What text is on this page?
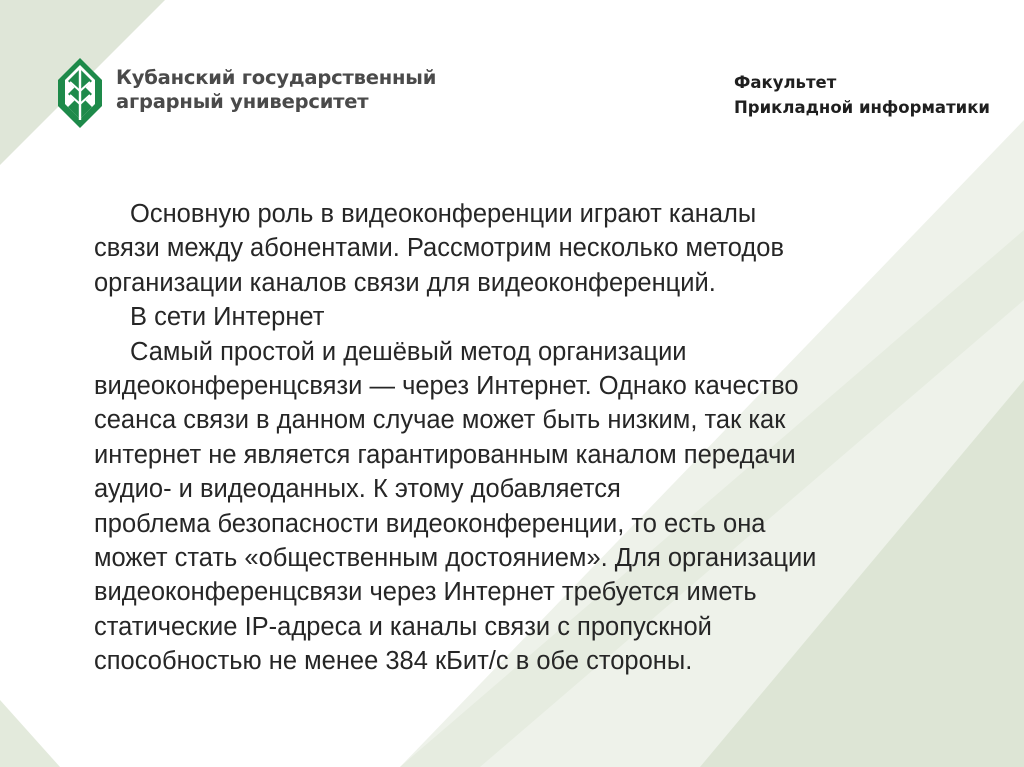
Кубанский государственный
аграрный университет
Факультет
Прикладной информатики
Основную роль в видеоконференции играют каналы
связи между абонентами. Рассмотрим несколько методов
организации каналов связи для видеоконференций.
В сети Интернет
Самый простой и дешёвый метод организации
видеоконференцсвязи — через Интернет. Однако качество
сеанса связи в данном случае может быть низким, так как
интернет не является гарантированным каналом передачи
аудио- и видеоданных. К этому добавляется
проблема безопасности видеоконференции, то есть она
может стать «общественным достоянием». Для организации
видеоконференцсвязи через Интернет требуется иметь
статические IP-адреса и каналы связи с пропускной
способностью не менее 384 кБит/с в обе стороны.
